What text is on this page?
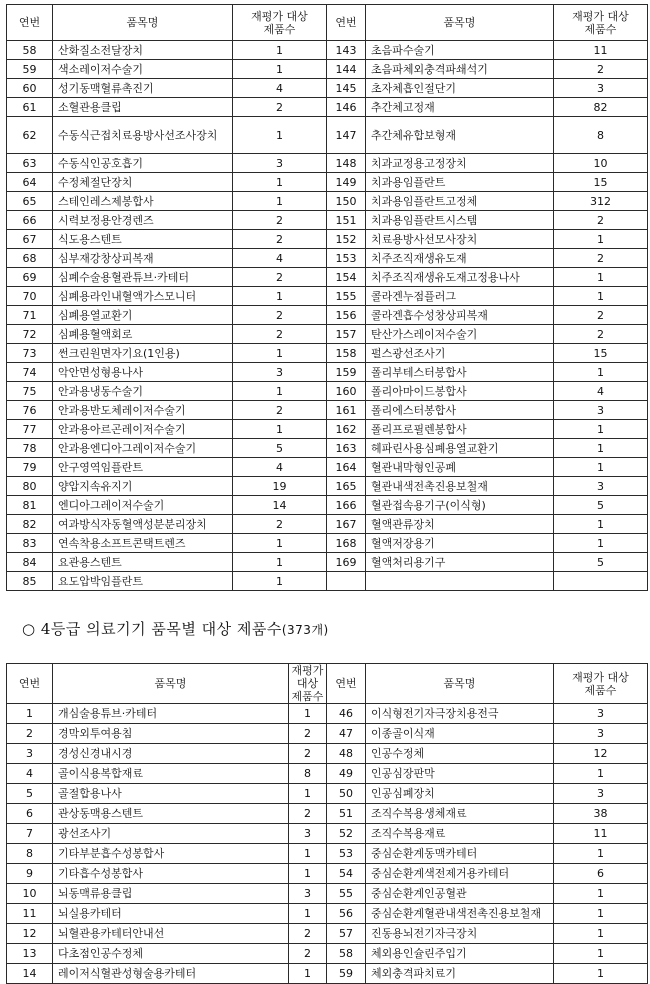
연번	품목명	재평가 대상
제품수	연번	품목명	재평가 대상
제품수
58	산화질소전달장치	1	143	초음파수술기	11
59	색소레이저수술기	1	144	초음파체외충격파쇄석기	2
60	성기동맥혈류촉진기	4	145	초자체흡인절단기	3
61	소혈관용클립	2	146	추간체고정재	82
62	수동식근접치료용방사선조사장치	1	147	추간체유합보형재	8
63	수동식인공호흡기	3	148	치과교정용고정장치	10
64	수정체절단장치	1	149	치과용임플란트	15
65	스테인레스제봉합사	1	150	치과용임플란트고정체	312
66	시력보정용안경렌즈	2	151	치과용임플란트시스템	2
67	식도용스텐트	2	152	치료용방사선모사장치	1
68	심부재강창상피복재	4	153	치주조직재생유도재	2
69	심폐수술용혈관튜브·카테터	2	154	치주조직재생유도재고정용나사	1
70	심폐용라인내혈액가스모니터	1	155	콜라겐누점플러그	1
71	심폐용열교환기	2	156	콜라겐흡수성창상피복재	2
72	심폐용혈액회로	2	157	탄산가스레이저수술기	2
73	썬크린원면자기요(1인용)	1	158	펄스광선조사기	15
74	악안면성형용나사	3	159	폴리부테스터봉합사	1
75	안과용냉동수술기	1	160	폴리아마이드봉합사	4
76	안과용반도체레이저수술기	2	161	폴리에스터봉합사	3
77	안과용아르곤레이저수술기	1	162	폴리프로필렌봉합사	1
78	안과용엔디아그레이저수술기	5	163	헤파린사용심폐용열교환기	1
79	안구영역임플란트	4	164	혈관내막형인공폐	1
80	양압지속유지기	19	165	혈관내색전촉진용보철재	3
81	엔디아그레이저수술기	14	166	혈관접속용기구(이식형)	5
82	여과방식자동혈액성분분리장치	2	167	혈액관류장치	1
83	연속착용소프트콘택트렌즈	1	168	혈액저장용기	1
84	요관용스텐트	1	169	혈액처리용기구	5
85	요도압박임플란트	1			
○ 4등급 의료기기 품목별 대상 제품수(373개)
연번	품목명	재평가 대상
제품수	연번	품목명	재평가 대상
제품수
1	개심술용튜브·카테터	1	46	이식형전기자극장치용전극	3
2	경막외투여용침	2	47	이종골이식재	3
3	경성신경내시경	2	48	인공수정체	12
4	골이식용복합재료	8	49	인공심장판막	1
5	골절합용나사	1	50	인공심폐장치	3
6	관상동맥용스텐트	2	51	조직수복용생체재료	38
7	광선조사기	3	52	조직수복용재료	11
8	기타부분흡수성봉합사	1	53	중심순환계동맥카테터	1
9	기타흡수성봉합사	1	54	중심순환계색전제거용카테터	6
10	뇌동맥류용클립	3	55	중심순환계인공혈관	1
11	뇌실용카테터	1	56	중심순환계혈관내색전촉진용보철재	1
12	뇌혈관용카테터안내선	2	57	진동용뇌전기자극장치	1
13	다초점인공수정체	2	58	체외용인슐린주입기	1
14	레이저식혈관성형술용카테터	1	59	체외충격파치료기	1
